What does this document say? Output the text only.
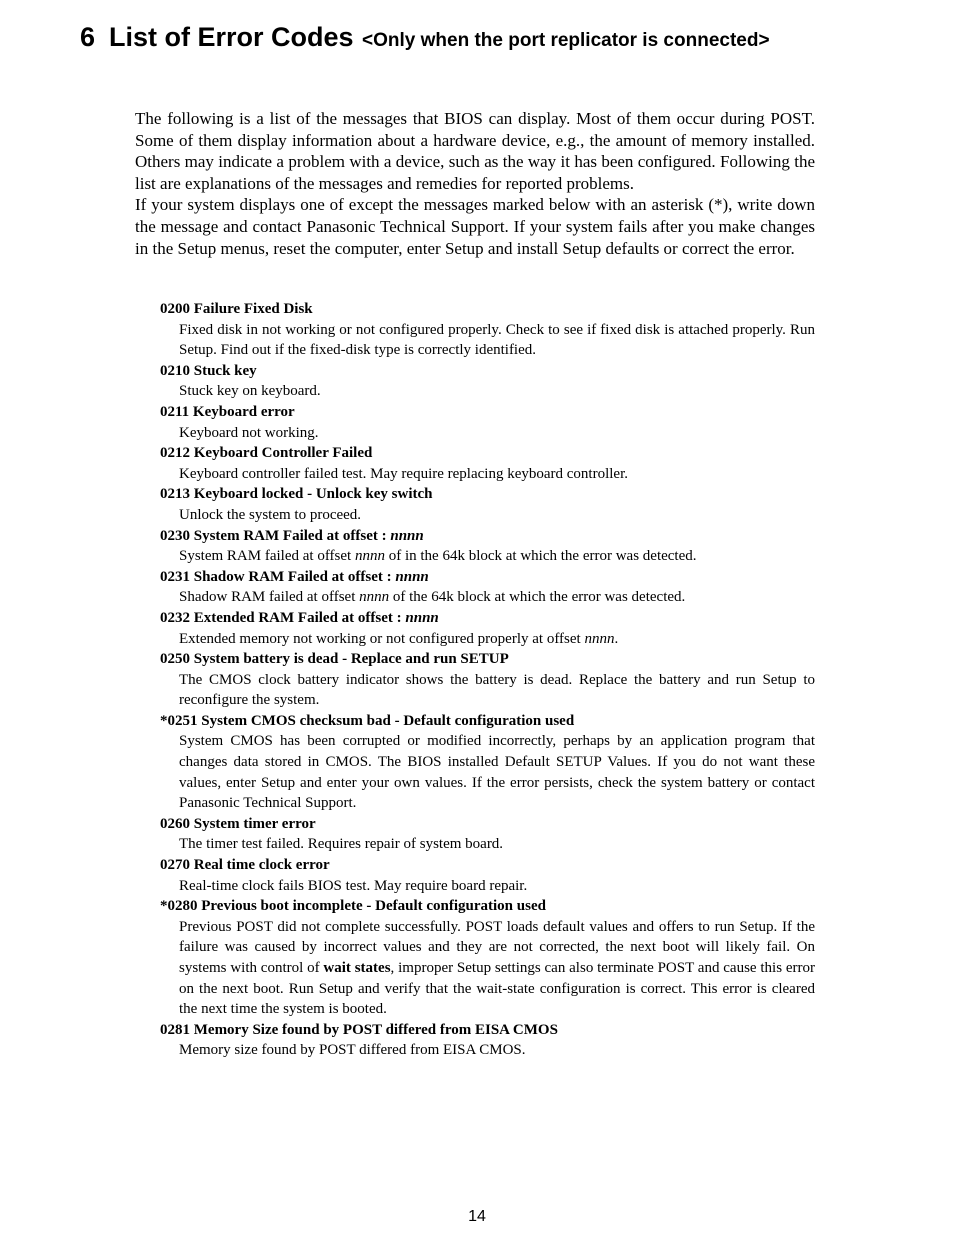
6 List of Error Codes <Only when the port replicator is connected>

The following is a list of the messages that BIOS can display. Most of them occur during POST. Some of them display information about a hardware device, e.g., the amount of memory installed. Others may indicate a problem with a device, such as the way it has been configured. Following the list are explanations of the messages and remedies for reported problems.

If your system displays one of except the messages marked below with an asterisk (*), write down the message and contact Panasonic Technical Support. If your system fails after you make changes in the Setup menus, reset the computer, enter Setup and install Setup defaults or correct the error.

0200 Failure Fixed Disk
Fixed disk in not working or not configured properly. Check to see if fixed disk is attached properly. Run Setup. Find out if the fixed-disk type is correctly identified.
0210 Stuck key
Stuck key on keyboard.
0211 Keyboard error
Keyboard not working.
0212 Keyboard Controller Failed
Keyboard controller failed test. May require replacing keyboard controller.
0213 Keyboard locked - Unlock key switch
Unlock the system to proceed.
0230 System RAM Failed at offset : nnnn
System RAM failed at offset nnnn of in the 64k block at which the error was detected.
0231 Shadow RAM Failed at offset : nnnn
Shadow RAM failed at offset nnnn of the 64k block at which the error was detected.
0232 Extended RAM Failed at offset : nnnn
Extended memory not working or not configured properly at offset nnnn.
0250 System battery is dead - Replace and run SETUP
The CMOS clock battery indicator shows the battery is dead. Replace the battery and run Setup to reconfigure the system.
*0251 System CMOS checksum bad - Default configuration used
System CMOS has been corrupted or modified incorrectly, perhaps by an application program that changes data stored in CMOS. The BIOS installed Default SETUP Values. If you do not want these values, enter Setup and enter your own values. If the error persists, check the system battery or contact Panasonic Technical Support.
0260 System timer error
The timer test failed. Requires repair of system board.
0270 Real time clock error
Real-time clock fails BIOS test. May require board repair.
*0280 Previous boot incomplete - Default configuration used
Previous POST did not complete successfully. POST loads default values and offers to run Setup. If the failure was caused by incorrect values and they are not corrected, the next boot will likely fail. On systems with control of wait states, improper Setup settings can also terminate POST and cause this error on the next boot. Run Setup and verify that the wait-state configuration is correct. This error is cleared the next time the system is booted.
0281 Memory Size found by POST differed from EISA CMOS
Memory size found by POST differed from EISA CMOS.
14
